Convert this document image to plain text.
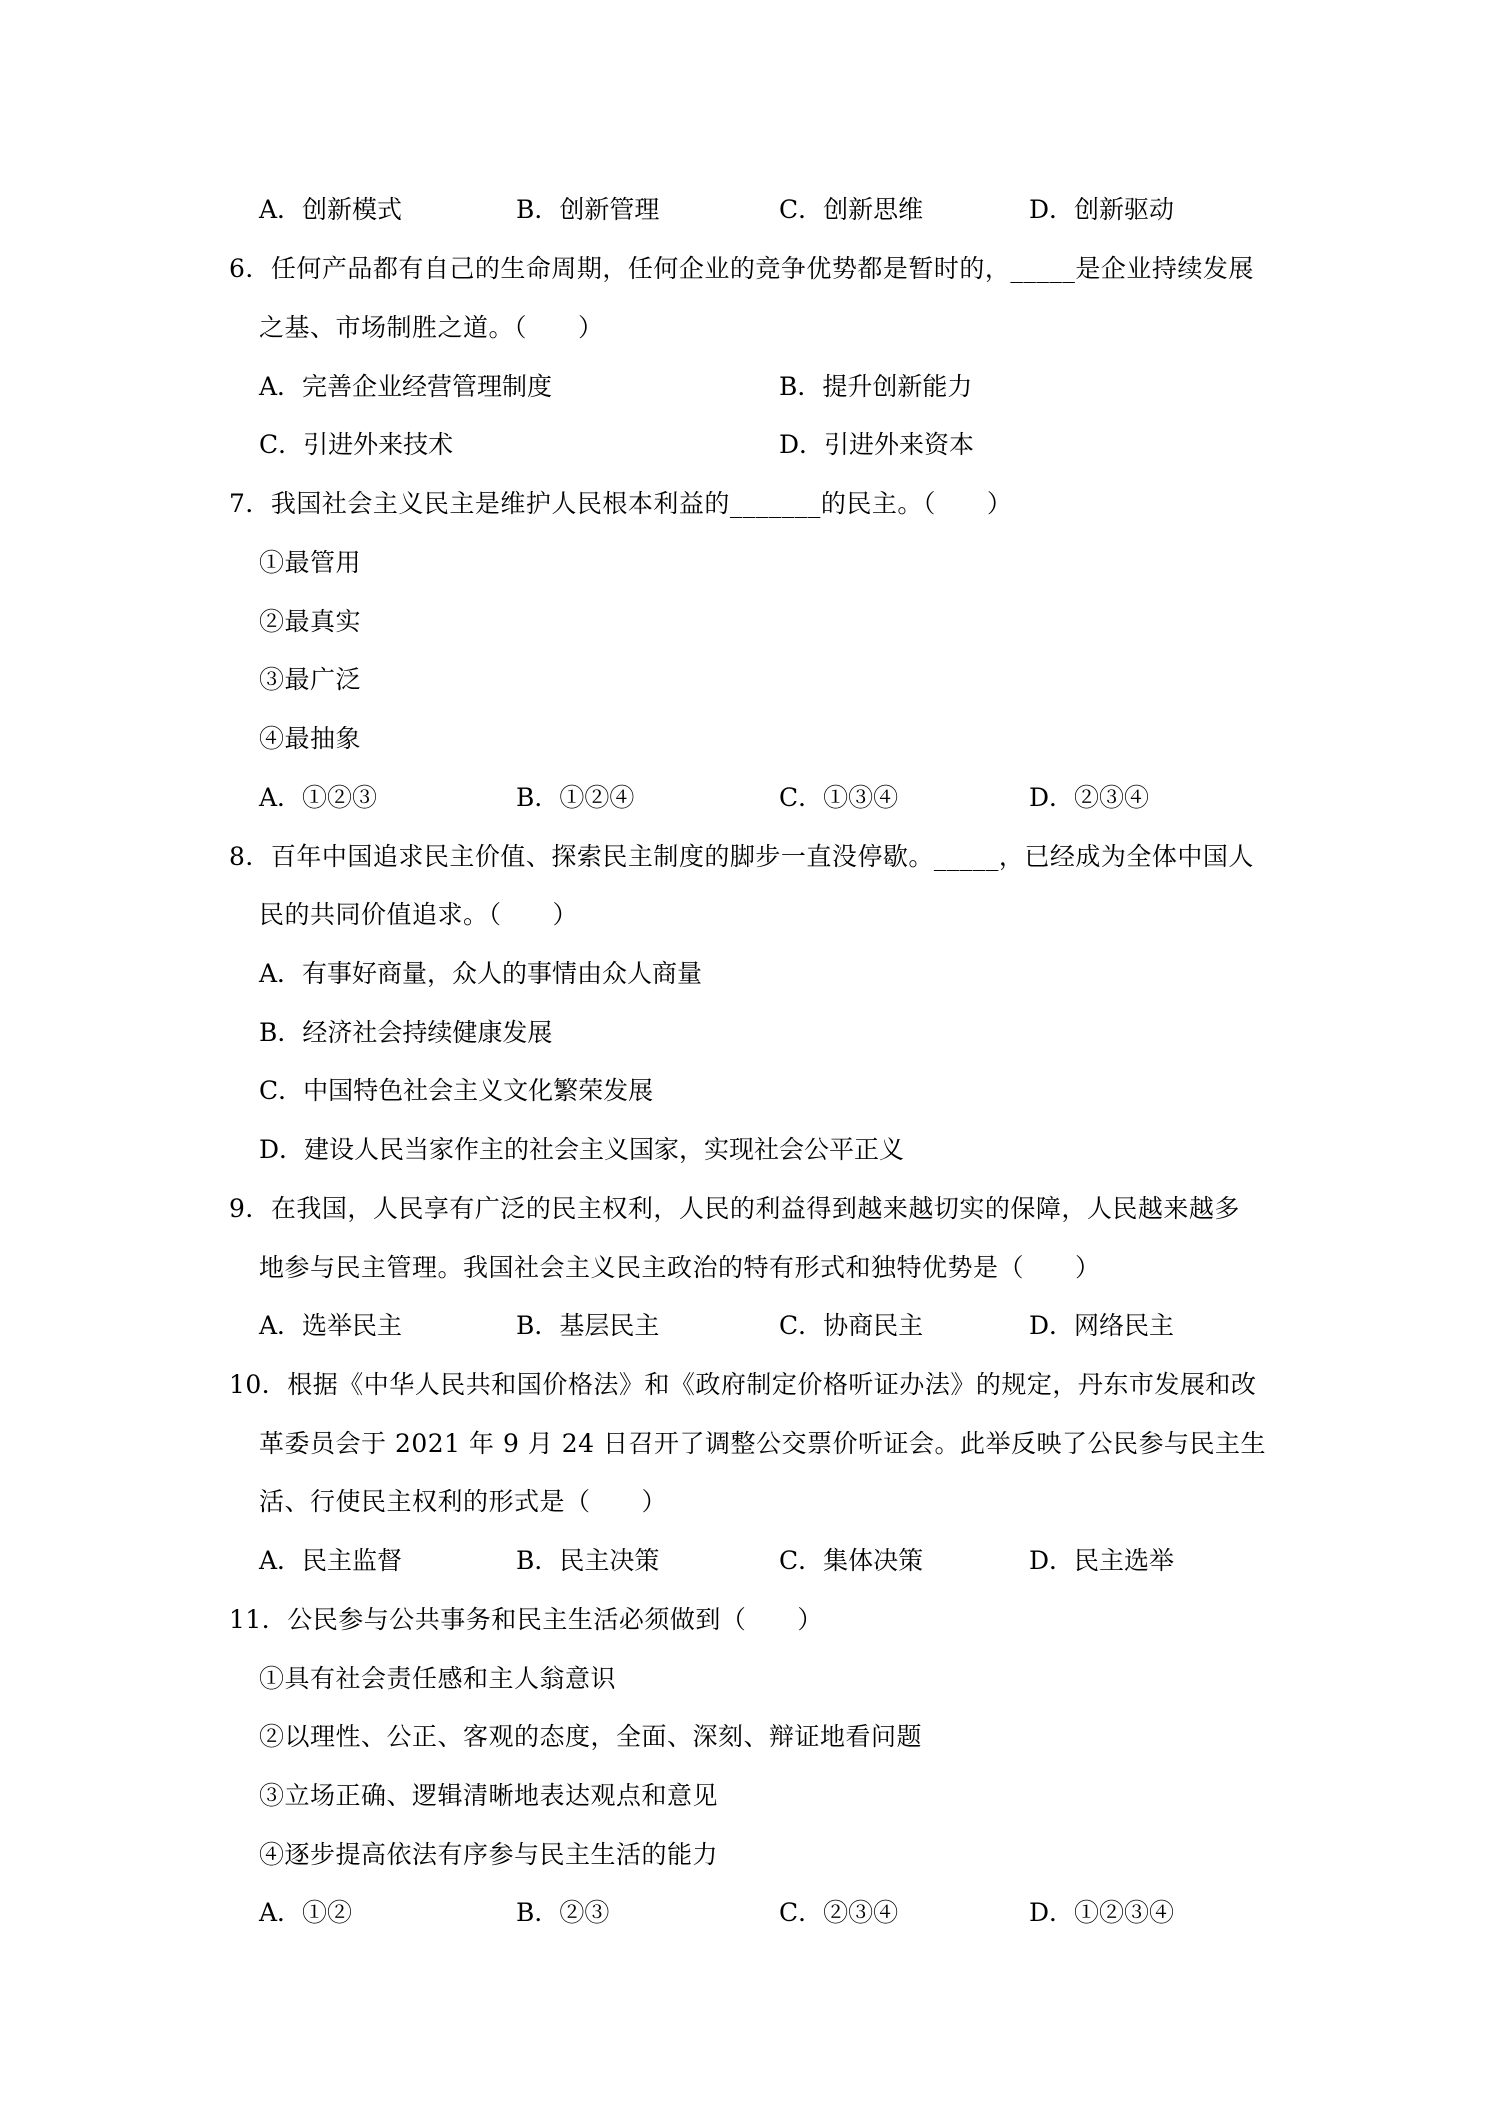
A．创新模式	B．创新管理	C．创新思维	D．创新驱动
6．任何产品都有自己的生命周期，任何企业的竞争优势都是暂时的，_____是企业持续发展
之基、市场制胜之道。（　　）
A．完善企业经营管理制度	B．提升创新能力
C．引进外来技术	D．引进外来资本
7．我国社会主义民主是维护人民根本利益的_______的民主。（　　）
①最管用
②最真实
③最广泛
④最抽象
A．①②③	B．①②④	C．①③④	D．②③④
8．百年中国追求民主价值、探索民主制度的脚步一直没停歇。_____，已经成为全体中国人
民的共同价值追求。（　　）
A．有事好商量，众人的事情由众人商量
B．经济社会持续健康发展
C．中国特色社会主义文化繁荣发展
D．建设人民当家作主的社会主义国家，实现社会公平正义
9．在我国，人民享有广泛的民主权利，人民的利益得到越来越切实的保障，人民越来越多
地参与民主管理。我国社会主义民主政治的特有形式和独特优势是（　　）
A．选举民主	B．基层民主	C．协商民主	D．网络民主
10．根据《中华人民共和国价格法》和《政府制定价格听证办法》的规定，丹东市发展和改
革委员会于 2021 年 9 月 24 日召开了调整公交票价听证会。此举反映了公民参与民主生
活、行使民主权利的形式是（　　）
A．民主监督	B．民主决策	C．集体决策	D．民主选举
11．公民参与公共事务和民主生活必须做到（　　）
①具有社会责任感和主人翁意识
②以理性、公正、客观的态度，全面、深刻、辩证地看问题
③立场正确、逻辑清晰地表达观点和意见
④逐步提高依法有序参与民主生活的能力
A．①②	B．②③	C．②③④	D．①②③④
